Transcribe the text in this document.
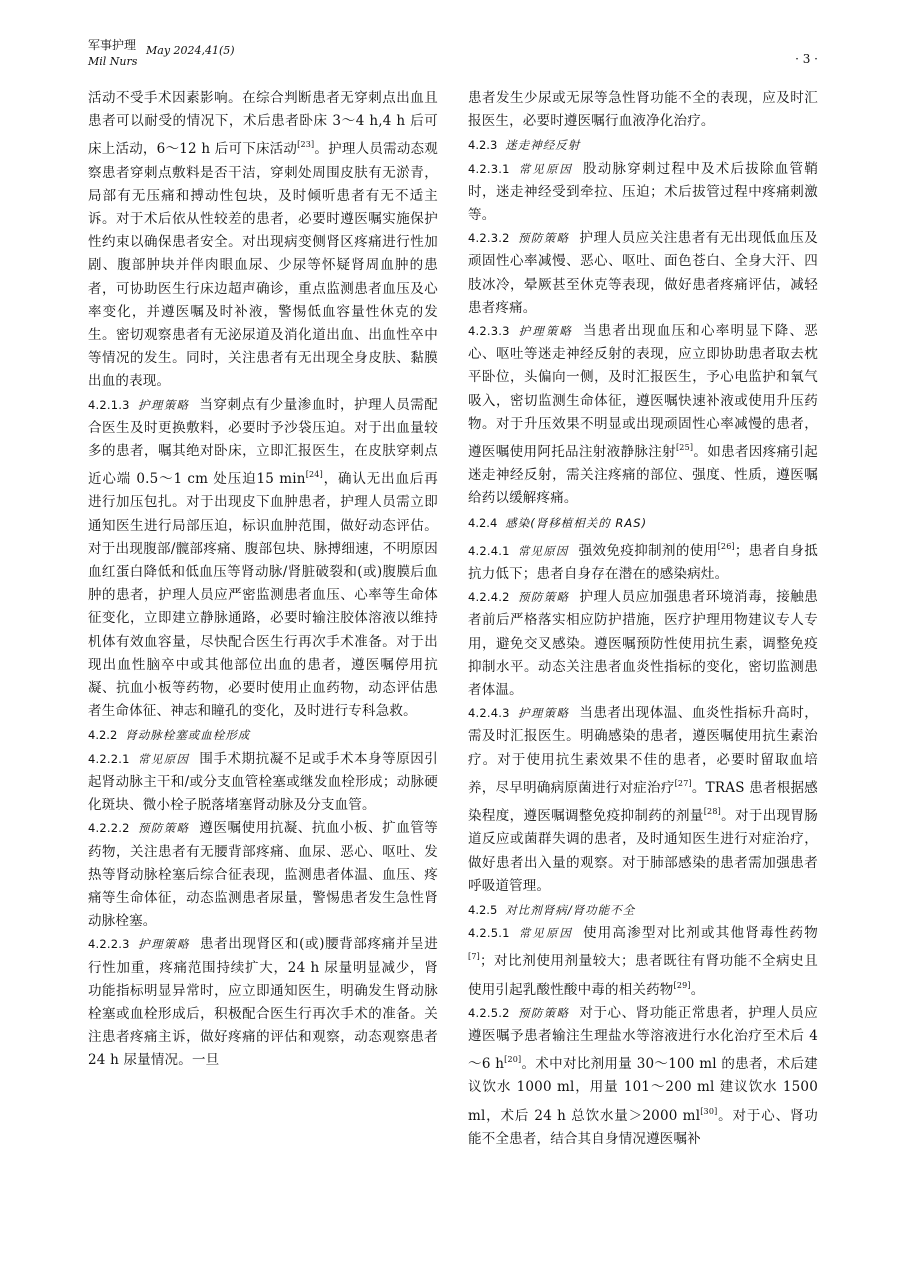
军事护理
Mil Nurs
May 2024,41(5)
· 3 ·

活动不受手术因素影响。在综合判断患者无穿刺点出血且患者可以耐受的情况下，术后患者卧床 3～4 h,4 h 后可床上活动，6～12 h 后可下床活动[23]。护理人员需动态观察患者穿刺点敷料是否干洁，穿刺处周围皮肤有无淤青，局部有无压痛和搏动性包块，及时倾听患者有无不适主诉。对于术后依从性较差的患者，必要时遵医嘱实施保护性约束以确保患者安全。对出现病变侧肾区疼痛进行性加剧、腹部肿块并伴肉眼血尿、少尿等怀疑肾周血肿的患者，可协助医生行床边超声确诊，重点监测患者血压及心率变化，并遵医嘱及时补液，警惕低血容量性休克的发生。密切观察患者有无泌尿道及消化道出血、出血性卒中等情况的发生。同时，关注患者有无出现全身皮肤、黏膜出血的表现。

4.2.1.3 护理策略 当穿刺点有少量渗血时，护理人员需配合医生及时更换敷料，必要时予沙袋压迫。对于出血量较多的患者，嘱其绝对卧床，立即汇报医生，在皮肤穿刺点近心端 0.5～1 cm 处压迫15 min[24]，确认无出血后再进行加压包扎。对于出现皮下血肿患者，护理人员需立即通知医生进行局部压迫，标识血肿范围，做好动态评估。对于出现腹部/髋部疼痛、腹部包块、脉搏细速，不明原因血红蛋白降低和低血压等肾动脉/肾脏破裂和(或)腹膜后血肿的患者，护理人员应严密监测患者血压、心率等生命体征变化，立即建立静脉通路，必要时输注胶体溶液以维持机体有效血容量，尽快配合医生行再次手术准备。对于出现出血性脑卒中或其他部位出血的患者，遵医嘱停用抗凝、抗血小板等药物，必要时使用止血药物，动态评估患者生命体征、神志和瞳孔的变化，及时进行专科急救。

4.2.2 肾动脉栓塞或血栓形成

4.2.2.1 常见原因 围手术期抗凝不足或手术本身等原因引起肾动脉主干和/或分支血管栓塞或继发血栓形成；动脉硬化斑块、微小栓子脱落堵塞肾动脉及分支血管。

4.2.2.2 预防策略 遵医嘱使用抗凝、抗血小板、扩血管等药物，关注患者有无腰背部疼痛、血尿、恶心、呕吐、发热等肾动脉栓塞后综合征表现，监测患者体温、血压、疼痛等生命体征，动态监测患者尿量，警惕患者发生急性肾动脉栓塞。

4.2.2.3 护理策略 患者出现肾区和(或)腰背部疼痛并呈进行性加重，疼痛范围持续扩大，24 h 尿量明显减少，肾功能指标明显异常时，应立即通知医生，明确发生肾动脉栓塞或血栓形成后，积极配合医生行再次手术的准备。关注患者疼痛主诉，做好疼痛的评估和观察，动态观察患者 24 h 尿量情况。一旦

患者发生少尿或无尿等急性肾功能不全的表现，应及时汇报医生，必要时遵医嘱行血液净化治疗。

4.2.3 迷走神经反射

4.2.3.1 常见原因 股动脉穿刺过程中及术后拔除血管鞘时，迷走神经受到牵拉、压迫；术后拔管过程中疼痛刺激等。

4.2.3.2 预防策略 护理人员应关注患者有无出现低血压及顽固性心率减慢、恶心、呕吐、面色苍白、全身大汗、四肢冰冷，晕厥甚至休克等表现，做好患者疼痛评估，减轻患者疼痛。

4.2.3.3 护理策略 当患者出现血压和心率明显下降、恶心、呕吐等迷走神经反射的表现，应立即协助患者取去枕平卧位，头偏向一侧，及时汇报医生，予心电监护和氧气吸入，密切监测生命体征，遵医嘱快速补液或使用升压药物。对于升压效果不明显或出现顽固性心率减慢的患者，遵医嘱使用阿托品注射液静脉注射[25]。如患者因疼痛引起迷走神经反射，需关注疼痛的部位、强度、性质，遵医嘱给药以缓解疼痛。

4.2.4 感染(肾移植相关的 RAS)

4.2.4.1 常见原因 强效免疫抑制剂的使用[26]；患者自身抵抗力低下；患者自身存在潜在的感染病灶。

4.2.4.2 预防策略 护理人员应加强患者环境消毒，接触患者前后严格落实相应防护措施，医疗护理用物建议专人专用，避免交叉感染。遵医嘱预防性使用抗生素，调整免疫抑制水平。动态关注患者血炎性指标的变化，密切监测患者体温。

4.2.4.3 护理策略 当患者出现体温、血炎性指标升高时，需及时汇报医生。明确感染的患者，遵医嘱使用抗生素治疗。对于使用抗生素效果不佳的患者，必要时留取血培养，尽早明确病原菌进行对症治疗[27]。TRAS 患者根据感染程度，遵医嘱调整免疫抑制药的剂量[28]。对于出现胃肠道反应或菌群失调的患者，及时通知医生进行对症治疗，做好患者出入量的观察。对于肺部感染的患者需加强患者呼吸道管理。

4.2.5 对比剂肾病/肾功能不全

4.2.5.1 常见原因 使用高渗型对比剂或其他肾毒性药物[7]；对比剂使用剂量较大；患者既往有肾功能不全病史且使用引起乳酸性酸中毒的相关药物[29]。

4.2.5.2 预防策略 对于心、肾功能正常患者，护理人员应遵医嘱予患者输注生理盐水等溶液进行水化治疗至术后 4～6 h[20]。术中对比剂用量 30～100 ml 的患者，术后建议饮水 1000 ml，用量 101～200 ml 建议饮水 1500 ml，术后 24 h 总饮水量＞2000 ml[30]。对于心、肾功能不全患者，结合其自身情况遵医嘱补
